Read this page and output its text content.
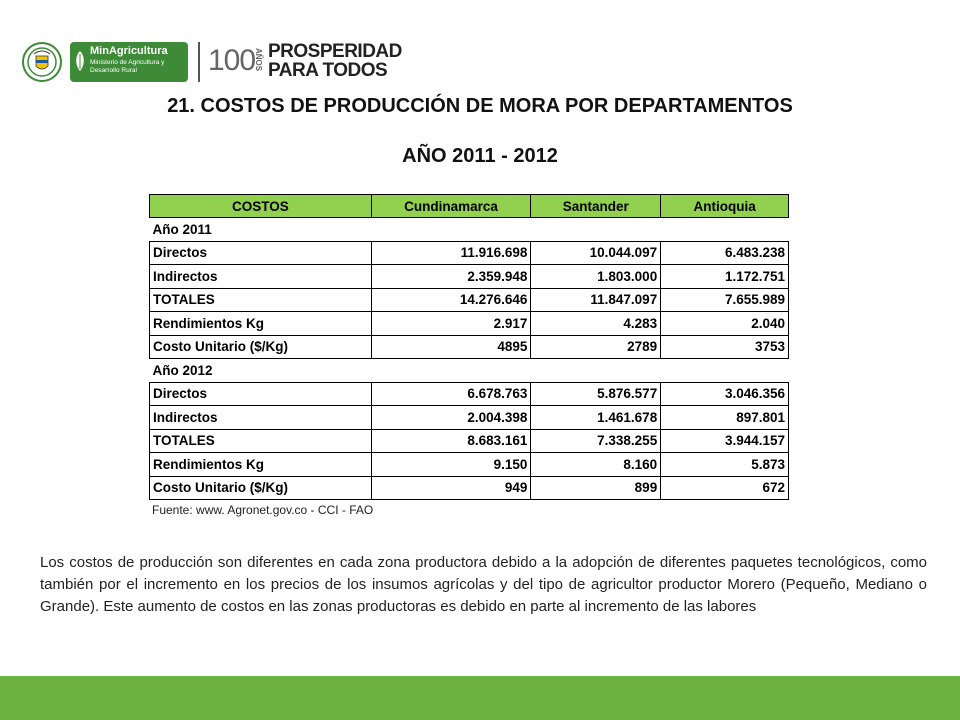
MinAgricultura
Ministerio de Agricultura y Desarrollo Rural	100
AÑOS PROSPERIDAD
PARA TODOS
21. COSTOS DE PRODUCCIÓN DE MORA POR DEPARTAMENTOS
AÑO 2011 - 2012
COSTOS	Cundinamarca	Santander	Antioquia
Año 2011			
Directos	11.916.698	10.044.097	6.483.238
Indirectos	2.359.948	1.803.000	1.172.751
TOTALES	14.276.646	11.847.097	7.655.989
Rendimientos Kg	2.917	4.283	2.040
Costo Unitario ($/Kg)	4895	2789	3753
Año 2012			
Directos	6.678.763	5.876.577	3.046.356
Indirectos	2.004.398	1.461.678	897.801
TOTALES	8.683.161	7.338.255	3.944.157
Rendimientos Kg	9.150	8.160	5.873
Costo Unitario ($/Kg)	949	899	672
Fuente: www. Agronet.gov.co - CCI - FAO

Los costos de producción son diferentes en cada zona productora debido a la adopción de diferentes paquetes tecnológicos, como también por el incremento en los precios de los insumos agrícolas y del tipo de agricultor productor Morero (Pequeño, Mediano o Grande). Este aumento de costos en las zonas productoras es debido en parte al incremento de las labores
